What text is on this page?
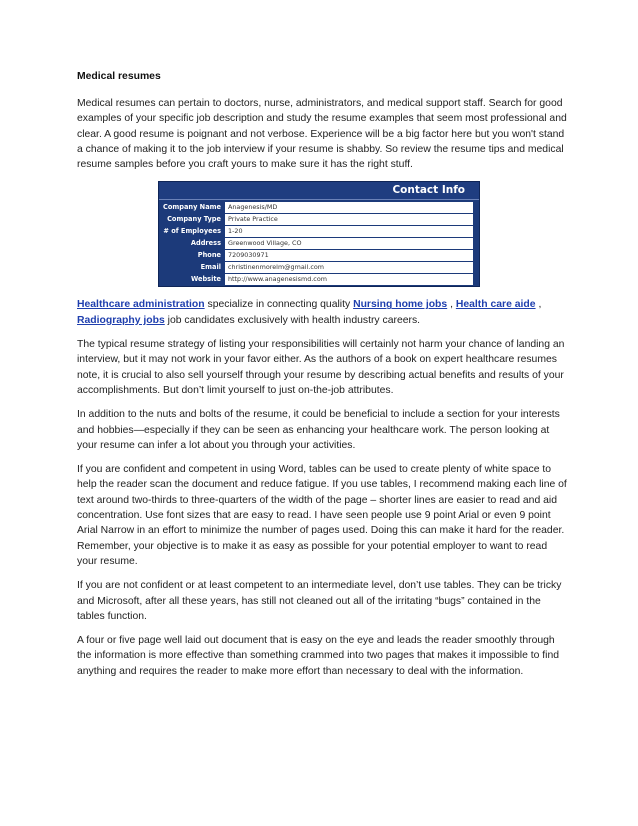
Medical resumes

Medical resumes can pertain to doctors, nurse, administrators, and medical support staff. Search for good examples of your specific job description and study the resume examples that seem most professional and clear. A good resume is poignant and not verbose. Experience will be a big factor here but you won't stand a chance of making it to the job interview if your resume is shabby. So review the resume tips and medical resume samples before you craft yours to make sure it has the right stuff.

Contact Info
Company Name	Anagenesis/MD
Company Type	Private Practice
# of Employees	1-20
Address	Greenwood Village, CO
Phone	7209030971
Email	christinenmorelm@gmail.com
Website	http://www.anagenesismd.com

Healthcare administration specialize in connecting quality Nursing home jobs , Health care aide , Radiography jobs job candidates exclusively with health industry careers.

The typical resume strategy of listing your responsibilities will certainly not harm your chance of landing an interview, but it may not work in your favor either. As the authors of a book on expert healthcare resumes note, it is crucial to also sell yourself through your resume by describing actual benefits and results of your accomplishments. But don’t limit yourself to just on-the-job attributes.

In addition to the nuts and bolts of the resume, it could be beneficial to include a section for your interests and hobbies—especially if they can be seen as enhancing your healthcare work. The person looking at your resume can infer a lot about you through your activities.

If you are confident and competent in using Word, tables can be used to create plenty of white space to help the reader scan the document and reduce fatigue. If you use tables, I recommend making each line of text around two-thirds to three-quarters of the width of the page – shorter lines are easier to read and aid concentration. Use font sizes that are easy to read. I have seen people use 9 point Arial or even 9 point Arial Narrow in an effort to minimize the number of pages used. Doing this can make it hard for the reader. Remember, your objective is to make it as easy as possible for your potential employer to want to read your resume.

If you are not confident or at least competent to an intermediate level, don’t use tables. They can be tricky and Microsoft, after all these years, has still not cleaned out all of the irritating “bugs” contained in the tables function.

A four or five page well laid out document that is easy on the eye and leads the reader smoothly through the information is more effective than something crammed into two pages that makes it impossible to find anything and requires the reader to make more effort than necessary to deal with the information.
